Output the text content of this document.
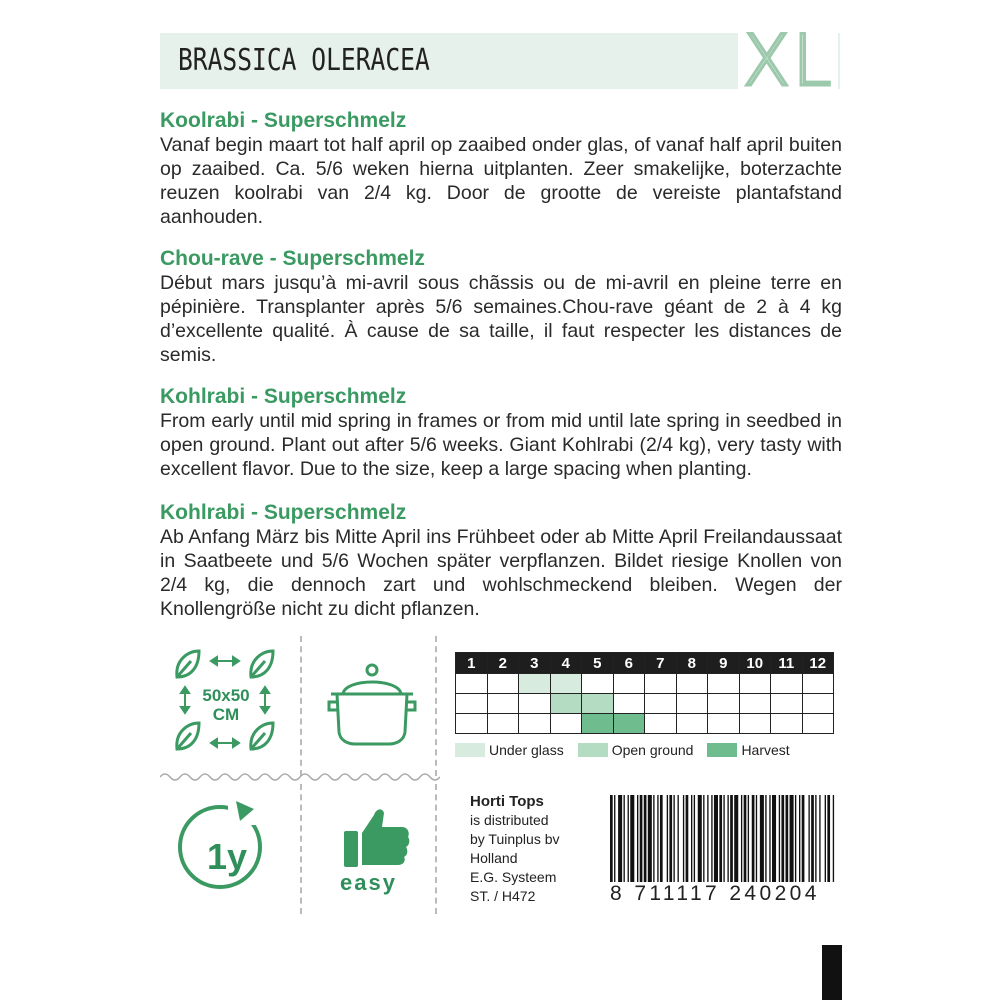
BRASSICA OLERACEA	XL
Koolrabi - Superschmelz
Vanaf begin maart tot half april op zaaibed onder glas, of vanaf half april buiten op zaaibed. Ca. 5/6 weken hierna uitplanten. Zeer smakelijke, boterzachte reuzen koolrabi van 2/4 kg. Door de grootte de vereiste plantafstand aanhouden.
Chou-rave - Superschmelz
Début mars jusqu’à mi-avril sous chãssis ou de mi-avril en pleine terre en pépinière. Transplanter après 5/6 semaines.Chou-rave géant de 2 à 4 kg d’excellente qualité. À cause de sa taille, il faut respecter les distances de semis.
Kohlrabi - Superschmelz
From early until mid spring in frames or from mid until late spring in seedbed in open ground. Plant out after 5/6 weeks. Giant Kohlrabi (2/4 kg), very tasty with excellent flavor. Due to the size, keep a large spacing when planting.
Kohlrabi - Superschmelz
Ab Anfang März bis Mitte April ins Frühbeet oder ab Mitte April Freilandaussaat in Saatbeete und 5/6 Wochen später verpflanzen. Bildet riesige Knollen von 2/4 kg, die dennoch zart und wohlschmeckend bleiben. Wegen der Knollengröße nicht zu dicht pflanzen.
50x50
CM
1y
easy
1	2	3	4	5	6	7	8	9	10	11	12

Under glass	Open ground	Harvest
Horti Tops
is distributed
by Tuinplus bv
Holland
E.G. Systeem
ST. / H472	8 711117 240204
